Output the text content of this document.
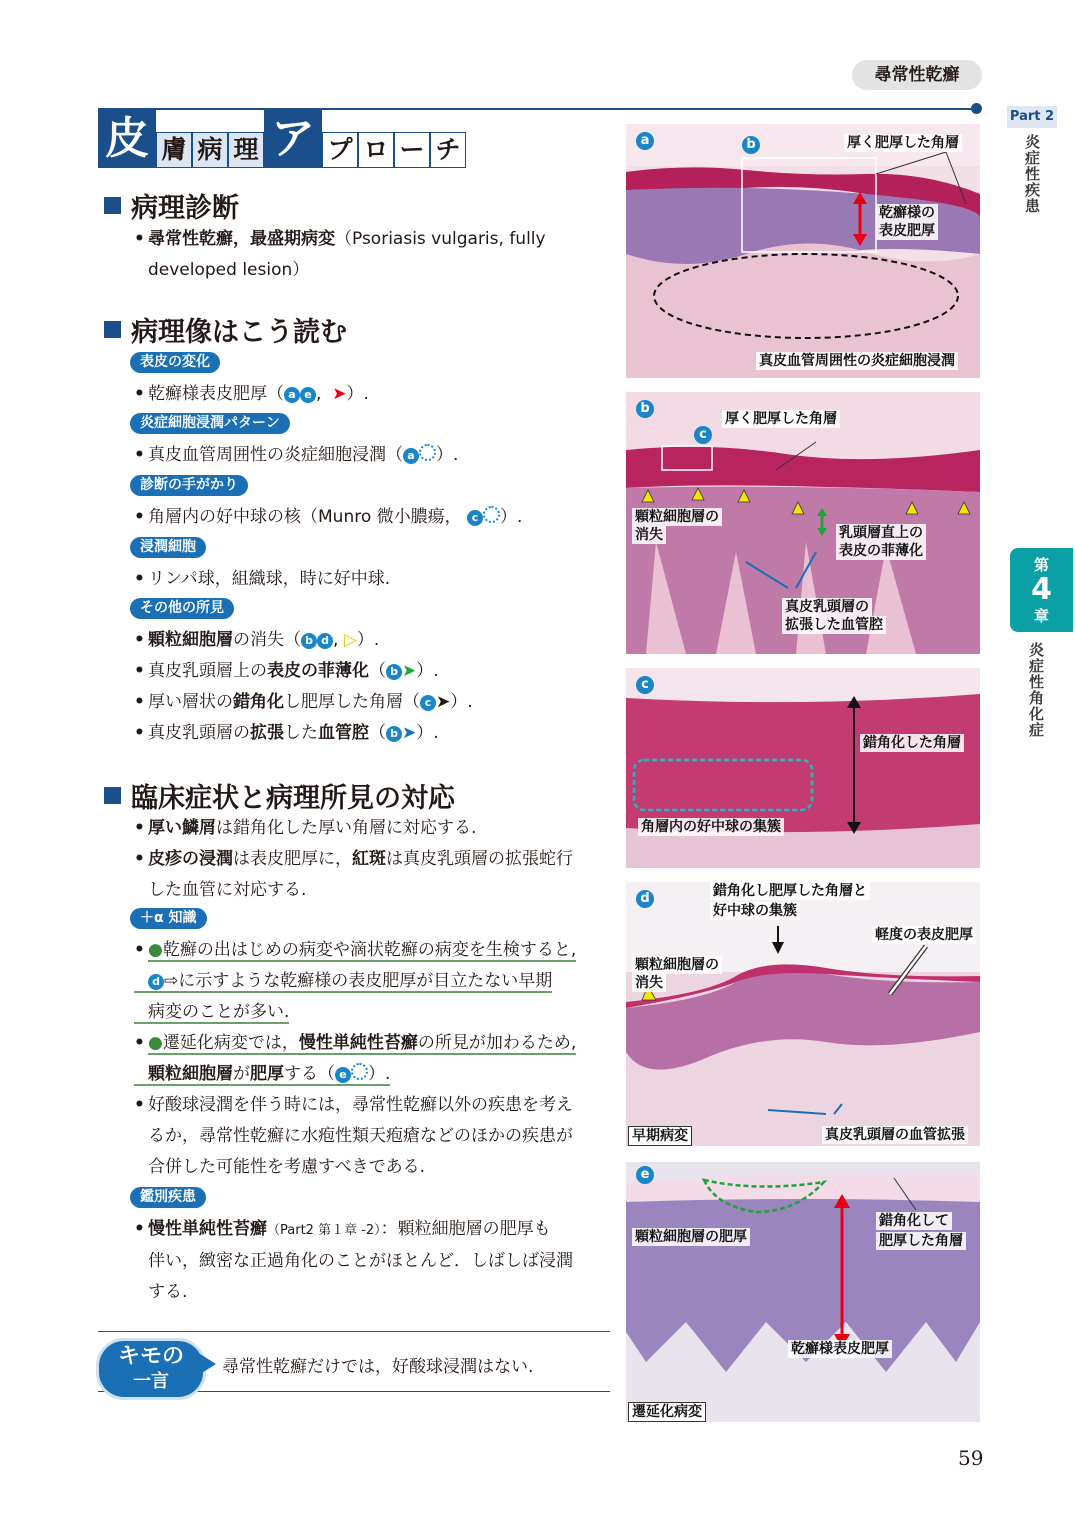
尋常性乾癬
Part 2
炎症性疾患
第
4
章
炎症性角化症
皮 膚 病 理 ア プ ロ ー チ
病理診断
• 尋常性乾癬，最盛期病変（Psoriasis vulgaris, fully
developed lesion）
病理像はこう読む
表皮の変化
• 乾癬様表皮肥厚（ a e ,  ➤）.
炎症細胞浸潤パターン
• 真皮血管周囲性の炎症細胞浸潤（ a ）.
診断の手がかり
• 角層内の好中球の核（Munro 微小膿瘍， c ）.
浸潤細胞
• リンパ球，組織球，時に好中球.
その他の所見
• 顆粒細胞層の消失（ b d , ▷）.
• 真皮乳頭層上の表皮の菲薄化（ b ➤）.
• 厚い層状の錯角化し肥厚した角層（ c ➤）.
• 真皮乳頭層の拡張した血管腔（ b ➤）.
臨床症状と病理所見の対応
• 厚い鱗屑は錯角化した厚い角層に対応する.
• 皮疹の浸潤は表皮肥厚に，紅斑は真皮乳頭層の拡張蛇行
した血管に対応する.
＋α 知識
• ●乾癬の出はじめの病変や滴状乾癬の病変を生検すると,
d ⇨に示すような乾癬様の表皮肥厚が目立たない早期
病変のことが多い.
• ●遷延化病変では，慢性単純性苔癬の所見が加わるため,
顆粒細胞層が肥厚する（ e ）.
• 好酸球浸潤を伴う時には，尋常性乾癬以外の疾患を考え
るか，尋常性乾癬に水疱性類天疱瘡などのほかの疾患が
合併した可能性を考慮すべきである.
鑑別疾患
• 慢性単純性苔癬（Part2 第１章 -2）：顆粒細胞層の肥厚も
伴い，緻密な正過角化のことがほとんど．しばしば浸潤
する.
キモの
一言
尋常性乾癬だけでは，好酸球浸潤はない.
a	b	厚く肥厚した角層
乾癬様の
表皮肥厚
真皮血管周囲性の炎症細胞浸潤
b
c
厚く肥厚した角層
顆粒細胞層の
消失	乳頭層直上の
表皮の菲薄化
真皮乳頭層の
拡張した血管腔
c
錯角化した角層
角層内の好中球の集簇
d	錯角化し肥厚した角層と
好中球の集簇
軽度の表皮肥厚
顆粒細胞層の
消失
早期病変	真皮乳頭層の血管拡張
e
顆粒細胞層の肥厚
錯角化して
肥厚した角層
乾癬様表皮肥厚
遷延化病変
59
